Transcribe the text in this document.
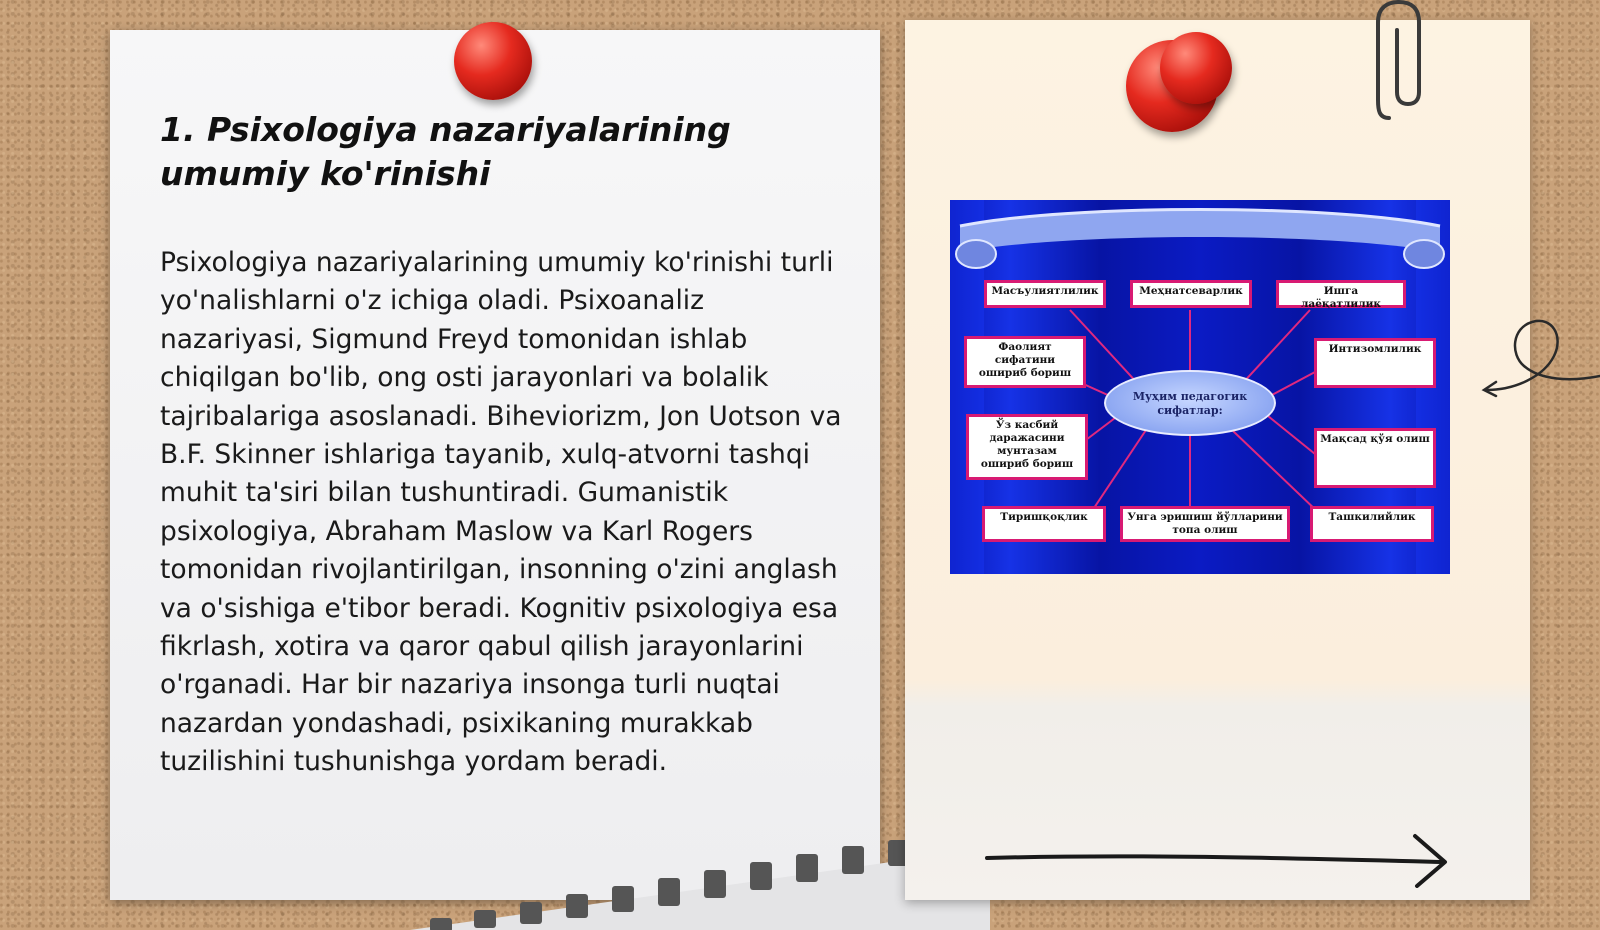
1. Psixologiya nazariyalarining umumiy ko'rinishi

Psixologiya nazariyalarining umumiy ko'rinishi turli yo'nalishlarni o'z ichiga oladi. Psixoanaliz nazariyasi, Sigmund Freyd tomonidan ishlab chiqilgan bo'lib, ong osti jarayonlari va bolalik tajribalariga asoslanadi. Biheviorizm, Jon Uotson va B.F. Skinner ishlariga tayanib, xulq-atvorni tashqi muhit ta'siri bilan tushuntiradi. Gumanistik psixologiya, Abraham Maslow va Karl Rogers tomonidan rivojlantirilgan, insonning o'zini anglash va o'sishiga e'tibor beradi. Kognitiv psixologiya esa fikrlash, xotira va qaror qabul qilish jarayonlarini o'rganadi. Har bir nazariya insonga turli nuqtai nazardan yondashadi, psixikaning murakkab tuzilishini tushunishga yordam beradi.

Масъулиятлилик	Меҳнатсеварлик	Ишга лаёқатлилик
Фаолият сифатини ошириб бориш
Интизомлилик
Ўз касбий даражасини мунтазам ошириб бориш
Мақсад қўя олиш
Тиришқоқлик	Унга эришиш йўлларини топа олиш
Ташкилийлик
Муҳим педагогик сифатлар:
